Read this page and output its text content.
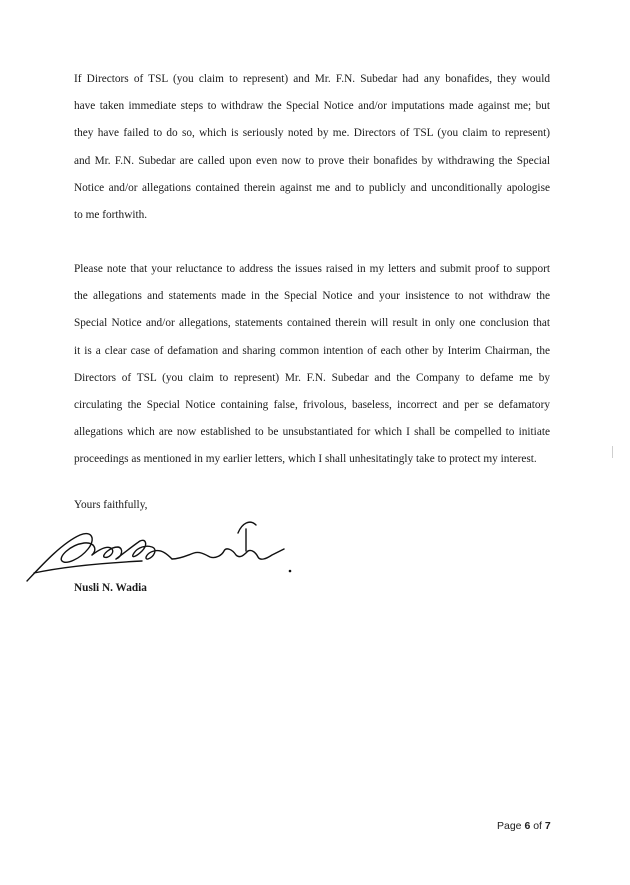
If Directors of TSL (you claim to represent) and Mr. F.N. Subedar had any bonafides, they would
have taken immediate steps to withdraw the Special Notice and/or imputations made against me; but
they have failed to do so, which is seriously noted by me. Directors of TSL (you claim to represent)
and Mr. F.N. Subedar are called upon even now to prove their bonafides by withdrawing the Special
Notice and/or allegations contained therein against me and to publicly and unconditionally apologise
to me forthwith.
Please note that your reluctance to address the issues raised in my letters and submit proof to support
the allegations and statements made in the Special Notice and your insistence to not withdraw the
Special Notice and/or allegations, statements contained therein will result in only one conclusion that
it is a clear case of defamation and sharing common intention of each other by Interim Chairman, the
Directors of TSL (you claim to represent) Mr. F.N. Subedar and the Company to defame me by
circulating the Special Notice containing false, frivolous, baseless, incorrect and per se defamatory
allegations which are now established to be unsubstantiated for which I shall be compelled to initiate
proceedings as mentioned in my earlier letters, which I shall unhesitatingly take to protect my interest.

Yours faithfully,

Nusli N. Wadia

Page 6 of 7
